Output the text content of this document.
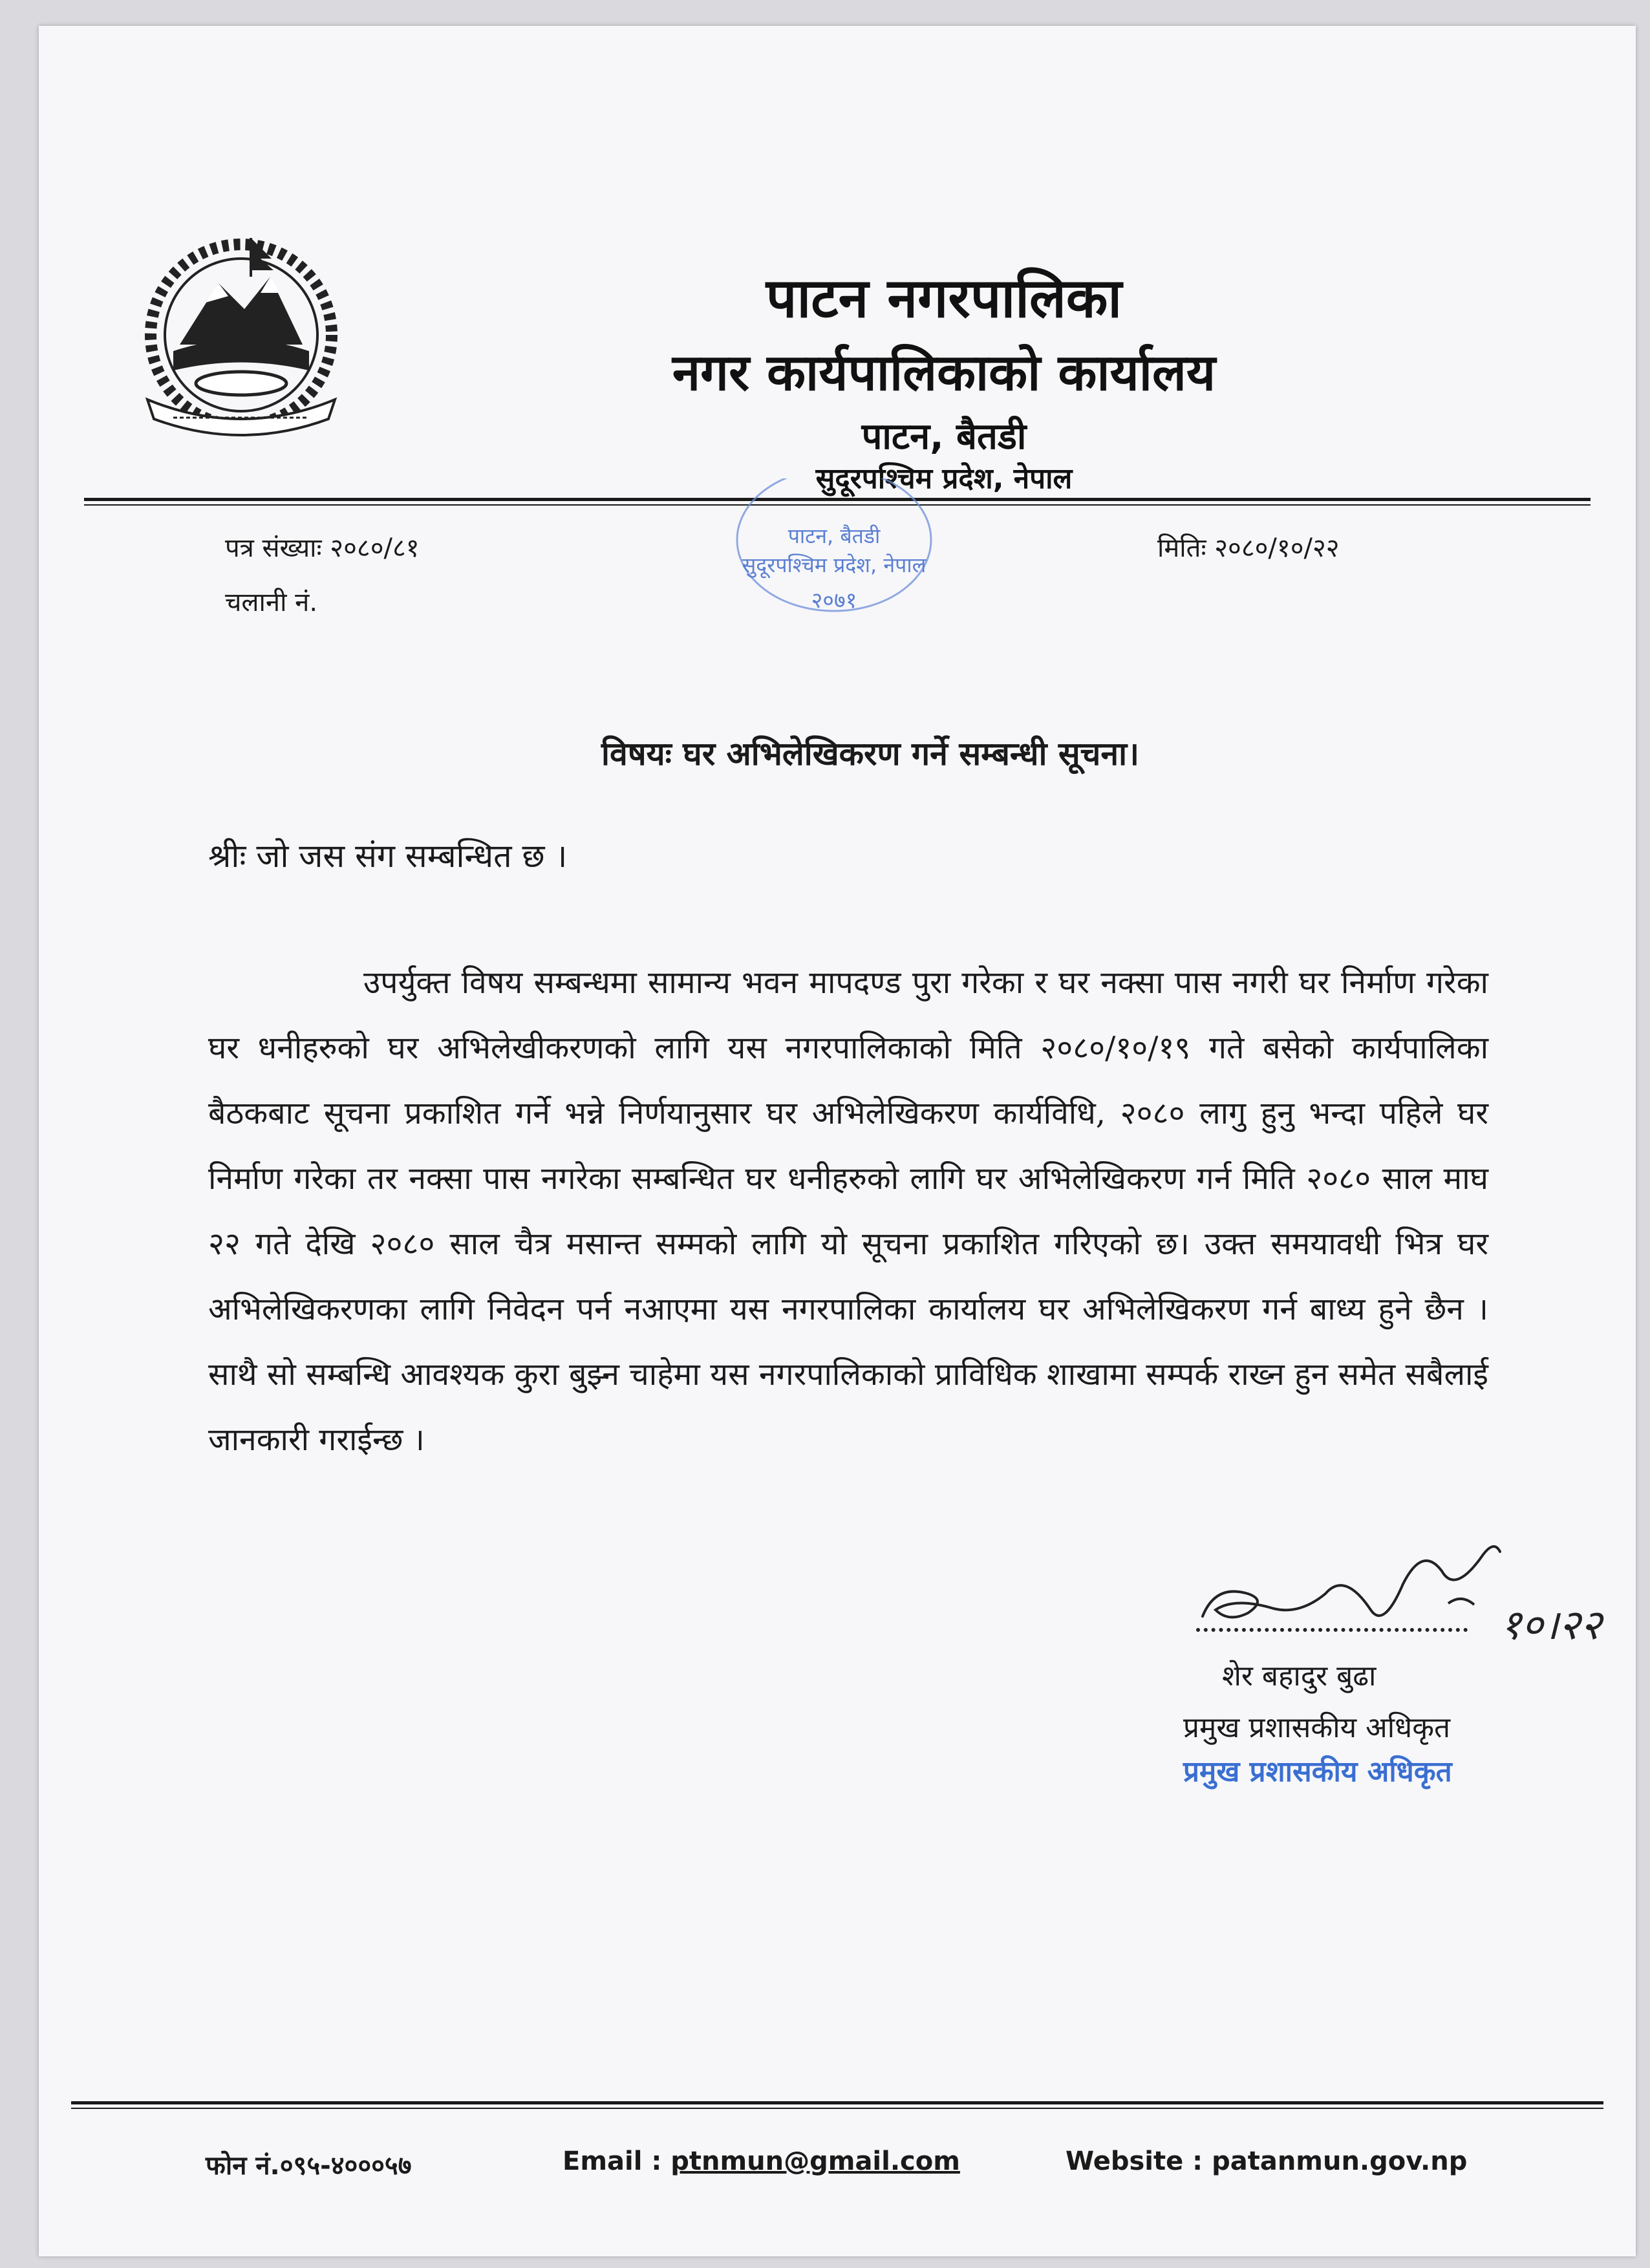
पाटन नगरपालिका
नगर कार्यपालिकाको कार्यालय
पाटन, बैतडी
सुदूरपश्चिम प्रदेश, नेपाल
पत्र संख्याः २०८०/८१
चलानी नं.
मितिः २०८०/१०/२२
पाटन, बैतडी
सुदूरपश्चिम प्रदेश, नेपाल
२०७१
विषयः घर अभिलेखिकरण गर्ने सम्बन्धी सूचना।
श्रीः जो जस संग सम्बन्धित छ ।

उपर्युक्त विषय सम्बन्धमा सामान्य भवन मापदण्ड पुरा गरेका र घर नक्सा पास नगरी घर निर्माण गरेका घर धनीहरुको घर अभिलेखीकरणको लागि यस नगरपालिकाको मिति २०८०/१०/१९ गते बसेको कार्यपालिका बैठकबाट सूचना प्रकाशित गर्ने भन्ने निर्णयानुसार घर अभिलेखिकरण कार्यविधि, २०८० लागु हुनु भन्दा पहिले घर निर्माण गरेका तर नक्सा पास नगरेका सम्बन्धित घर धनीहरुको लागि घर अभिलेखिकरण गर्न मिति २०८० साल माघ २२ गते देखि २०८० साल चैत्र मसान्त सम्मको लागि यो सूचना प्रकाशित गरिएको छ। उक्त समयावधी भित्र घर अभिलेखिकरणका लागि निवेदन पर्न नआएमा यस नगरपालिका कार्यालय घर अभिलेखिकरण गर्न बाध्य हुने छैन ।साथै सो सम्बन्धि आवश्यक कुरा बुझ्न चाहेमा यस नगरपालिकाको प्राविधिक शाखामा सम्पर्क राख्न हुन समेत सबैलाई जानकारी गराईन्छ ।

१०।२२
शेर बहादुर बुढा
प्रमुख प्रशासकीय अधिकृत
प्रमुख प्रशासकीय अधिकृत
फोन नं.०९५-४०००५७	Email : ptnmun@gmail.com	Website : patanmun.gov.np
